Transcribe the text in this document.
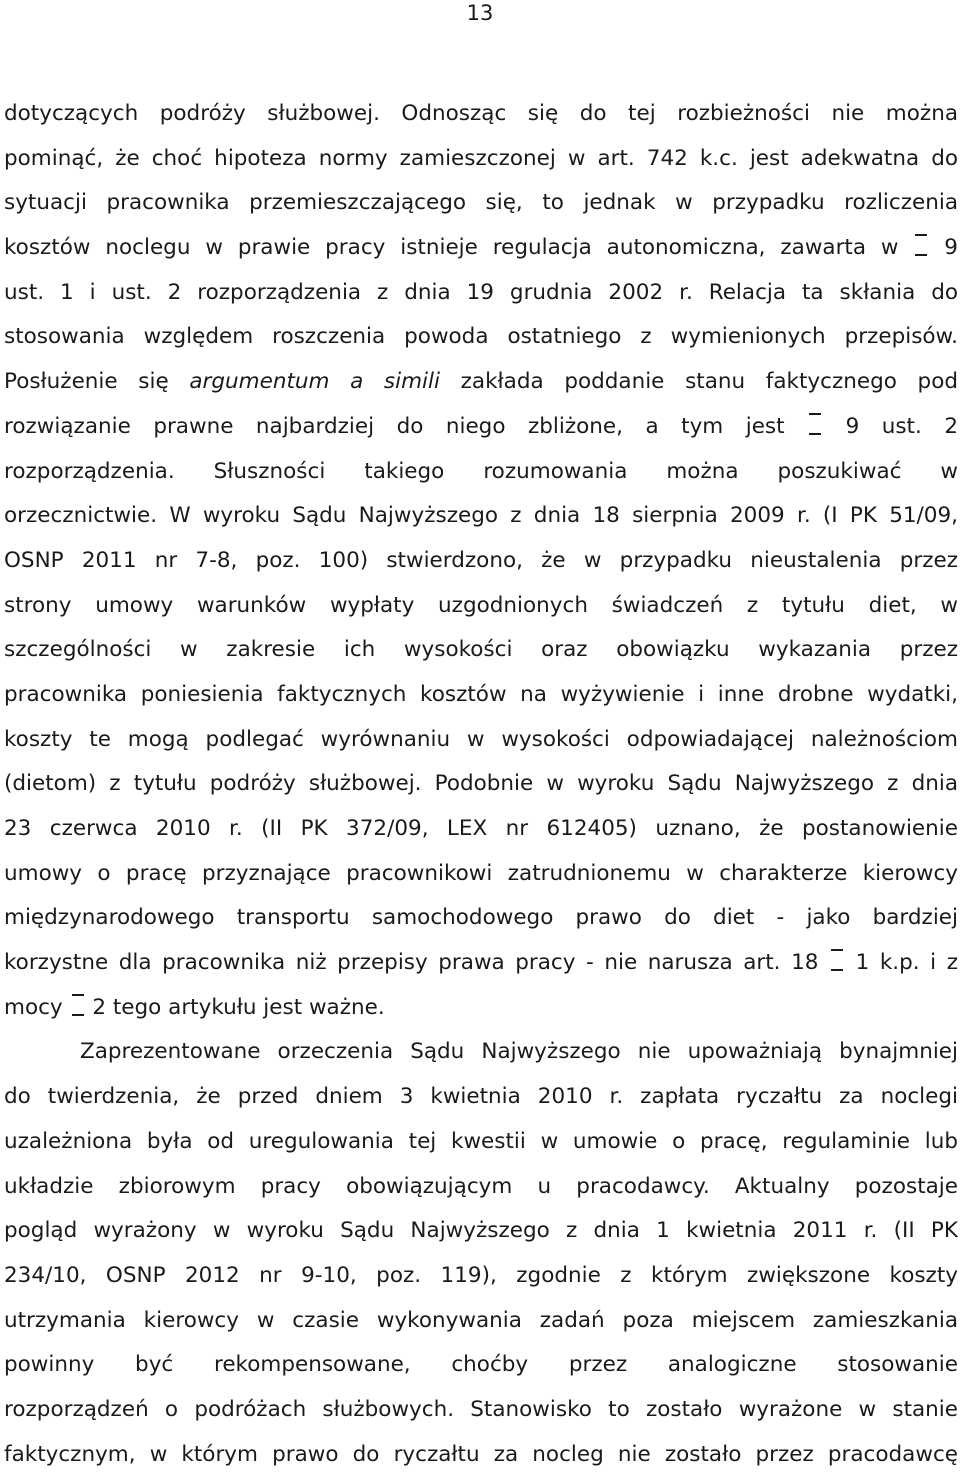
13
dotyczących podróży służbowej. Odnosząc się do tej rozbieżności nie można
pominąć, że choć hipoteza normy zamieszczonej w art. 742 k.c. jest adekwatna do
sytuacji pracownika przemieszczającego się, to jednak w przypadku rozliczenia
kosztów noclegu w prawie pracy istnieje regulacja autonomiczna, zawarta w 9
ust. 1 i ust. 2 rozporządzenia z dnia 19 grudnia 2002 r. Relacja ta skłania do
stosowania względem roszczenia powoda ostatniego z wymienionych przepisów.
Posłużenie się argumentum a simili zakłada poddanie stanu faktycznego pod
rozwiązanie prawne najbardziej do niego zbliżone, a tym jest	9 ust. 2
rozporządzenia. Słuszności takiego rozumowania można poszukiwać w
orzecznictwie. W wyroku Sądu Najwyższego z dnia 18 sierpnia 2009 r. (I PK 51/09,
OSNP 2011 nr 7-8, poz. 100) stwierdzono, że w przypadku nieustalenia przez
strony umowy warunków wypłaty uzgodnionych świadczeń z tytułu diet, w
szczególności w zakresie ich wysokości oraz obowiązku wykazania przez
pracownika poniesienia faktycznych kosztów na wyżywienie i inne drobne wydatki,
koszty te mogą podlegać wyrównaniu w wysokości odpowiadającej należnościom
(dietom) z tytułu podróży służbowej. Podobnie w wyroku Sądu Najwyższego z dnia
23 czerwca 2010 r. (II PK 372/09, LEX nr 612405) uznano, że postanowienie
umowy o pracę przyznające pracownikowi zatrudnionemu w charakterze kierowcy
międzynarodowego transportu samochodowego prawo do diet - jako bardziej
korzystne dla pracownika niż przepisy prawa pracy - nie narusza art. 18 1 k.p. i z
mocy 2 tego artykułu jest ważne.
Zaprezentowane orzeczenia Sądu Najwyższego nie upoważniają bynajmniej
do twierdzenia, że przed dniem 3 kwietnia 2010 r. zapłata ryczałtu za noclegi
uzależniona była od uregulowania tej kwestii w umowie o pracę, regulaminie lub
układzie zbiorowym pracy obowiązującym u pracodawcy. Aktualny pozostaje
pogląd wyrażony w wyroku Sądu Najwyższego z dnia 1 kwietnia 2011 r. (II PK
234/10, OSNP 2012 nr 9-10, poz. 119), zgodnie z którym zwiększone koszty
utrzymania kierowcy w czasie wykonywania zadań poza miejscem zamieszkania
powinny być rekompensowane, choćby przez analogiczne stosowanie
rozporządzeń o podróżach służbowych. Stanowisko to zostało wyrażone w stanie
faktycznym, w którym prawo do ryczałtu za nocleg nie zostało przez pracodawcę
